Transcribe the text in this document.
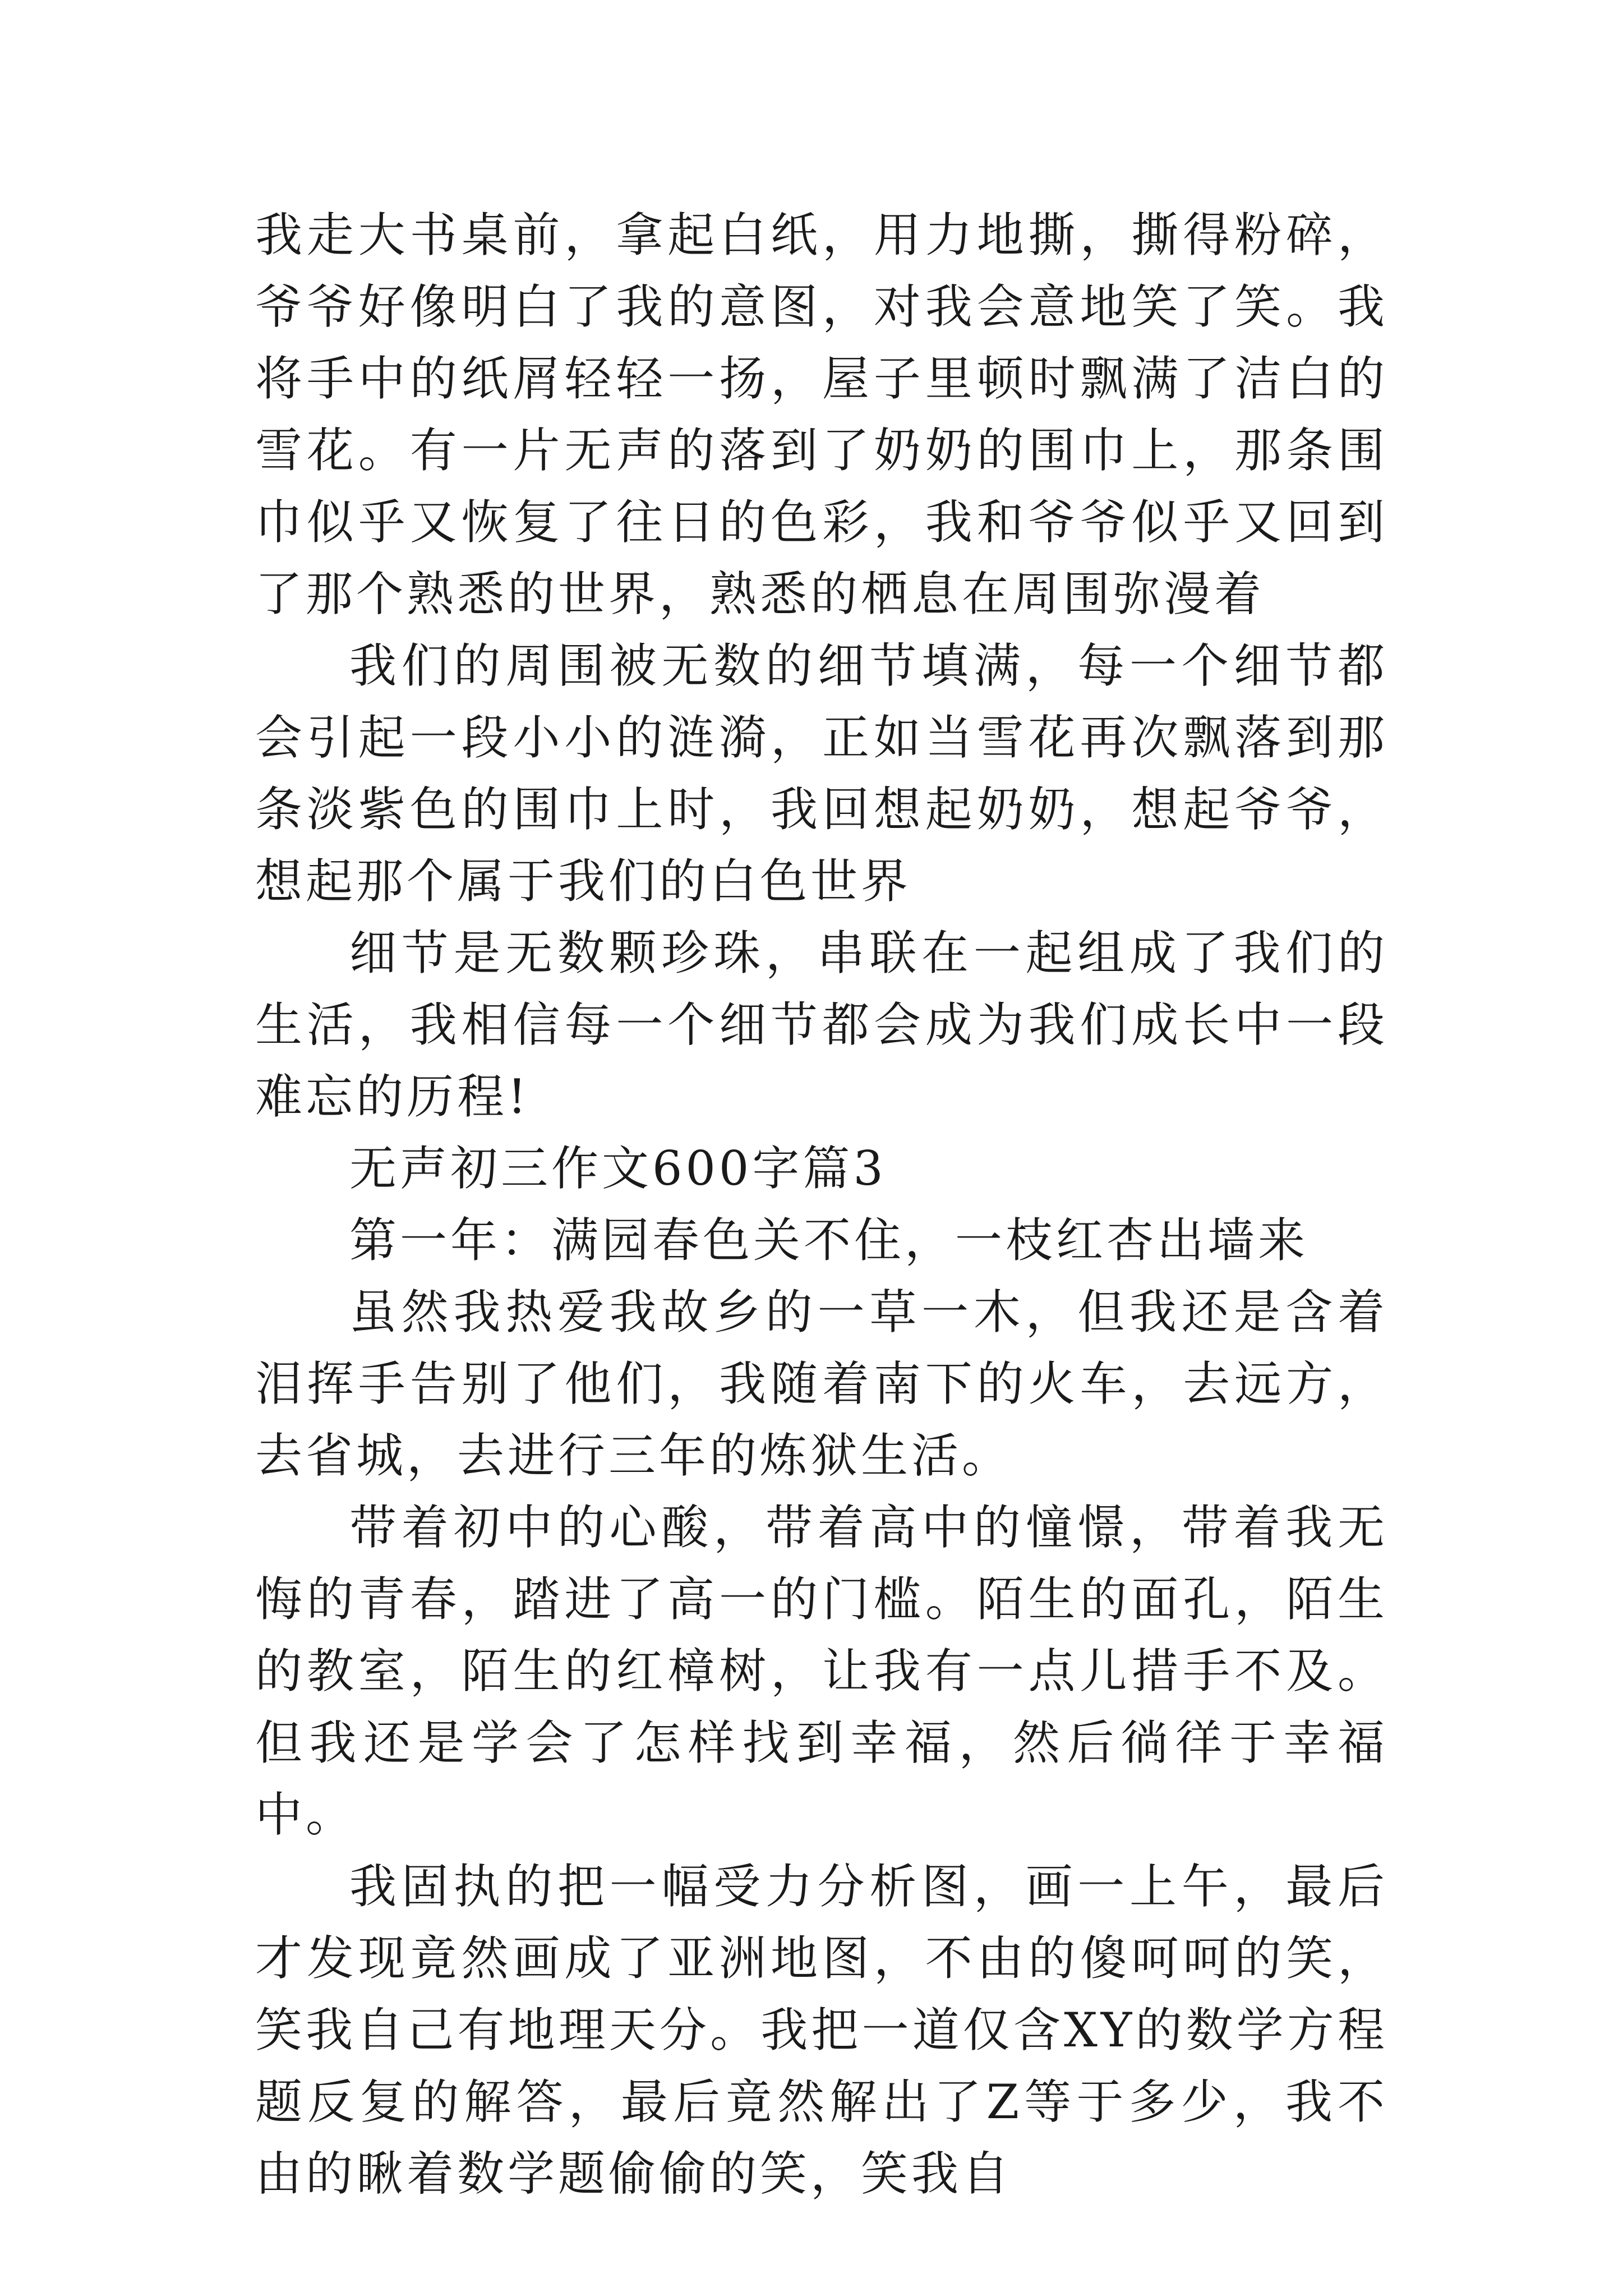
我走大书桌前，拿起白纸，用力地撕，撕得粉碎，爷爷好像明白了我的意图，对我会意地笑了笑。我将手中的纸屑轻轻一扬，屋子里顿时飘满了洁白的雪花。有一片无声的落到了奶奶的围巾上，那条围巾似乎又恢复了往日的色彩，我和爷爷似乎又回到了那个熟悉的世界，熟悉的栖息在周围弥漫着

我们的周围被无数的细节填满，每一个细节都会引起一段小小的涟漪，正如当雪花再次飘落到那条淡紫色的围巾上时，我回想起奶奶，想起爷爷，想起那个属于我们的白色世界

细节是无数颗珍珠，串联在一起组成了我们的生活，我相信每一个细节都会成为我们成长中一段难忘的历程!

无声初三作文600字篇3

第一年：满园春色关不住，一枝红杏出墙来

虽然我热爱我故乡的一草一木，但我还是含着泪挥手告别了他们，我随着南下的火车，去远方，去省城，去进行三年的炼狱生活。

带着初中的心酸，带着高中的憧憬，带着我无悔的青春，踏进了高一的门槛。陌生的面孔，陌生的教室，陌生的红樟树，让我有一点儿措手不及。但我还是学会了怎样找到幸福，然后徜徉于幸福中。

我固执的把一幅受力分析图，画一上午，最后才发现竟然画成了亚洲地图，不由的傻呵呵的笑，笑我自己有地理天分。我把一道仅含XY的数学方程题反复的解答，最后竟然解出了Z等于多少，我不由的瞅着数学题偷偷的笑，笑我自
